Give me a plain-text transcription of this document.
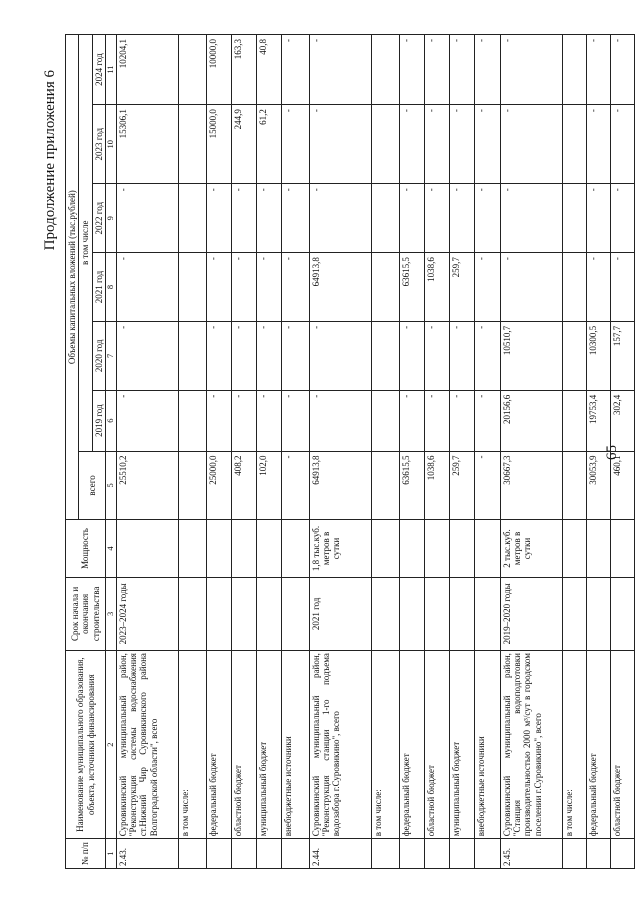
65
Продолжение приложения 6
№ п/п	Наименование муниципального образования, объекта, источники финансирования	Срок начала и окончания строительства	Мощность	Объемы капитальных вложений (тыс.рублей)						
				всего	в том числе					
					2019 год	2020 год	2021 год	2022 год	2023 год	2024 год
1	2	3	4	5	6	7	8	9	10	11
2.43.	Суровикинский муниципальный район, "Реконструкция системы водоснабжения ст.Нижний Чир Суровикинского района Волгоградской области", всего	2023–2024 годы		25510,2	-	-	-	-	15306,1	10204,1
	в том числе:									
	федеральный бюджет			25000,0	-	-	-	-	15000,0	10000,0
	областной бюджет			408,2	-	-	-	-	244,9	163,3
	муниципальный бюджет			102,0	-	-	-	-	61,2	40,8
	внебюджетные источники			-	-	-	-	-	-	-
2.44.	Суровикинский муниципальный район, "Реконструкция станции 1-го подъема водозабора г.Суровикино", всего	2021 год	1,8 тыс.куб. метров в сутки	64913,8	-	-	64913,8	-	-	-
	в том числе:									
	федеральный бюджет			63615,5	-	-	63615,5	-	-	-
	областной бюджет			1038,6	-	-	1038,6	-	-	-
	муниципальный бюджет			259,7	-	-	259,7	-	-	-
	внебюджетные источники			-	-	-	-	-	-	-
2.45.	Суровикинский муниципальный район, "Станция водоподготовки производительностью 2000 м³/сут в городском поселении г.Суровикино", всего	2019–2020 годы	2 тыс.куб. метров в сутки	30667,3	20156,6	10510,7	-	-	-	-
	в том числе:									
	федеральный бюджет			30053,9	19753,4	10300,5	-	-	-	-
	областной бюджет			460,1	302,4	157,7	-	-	-	-
